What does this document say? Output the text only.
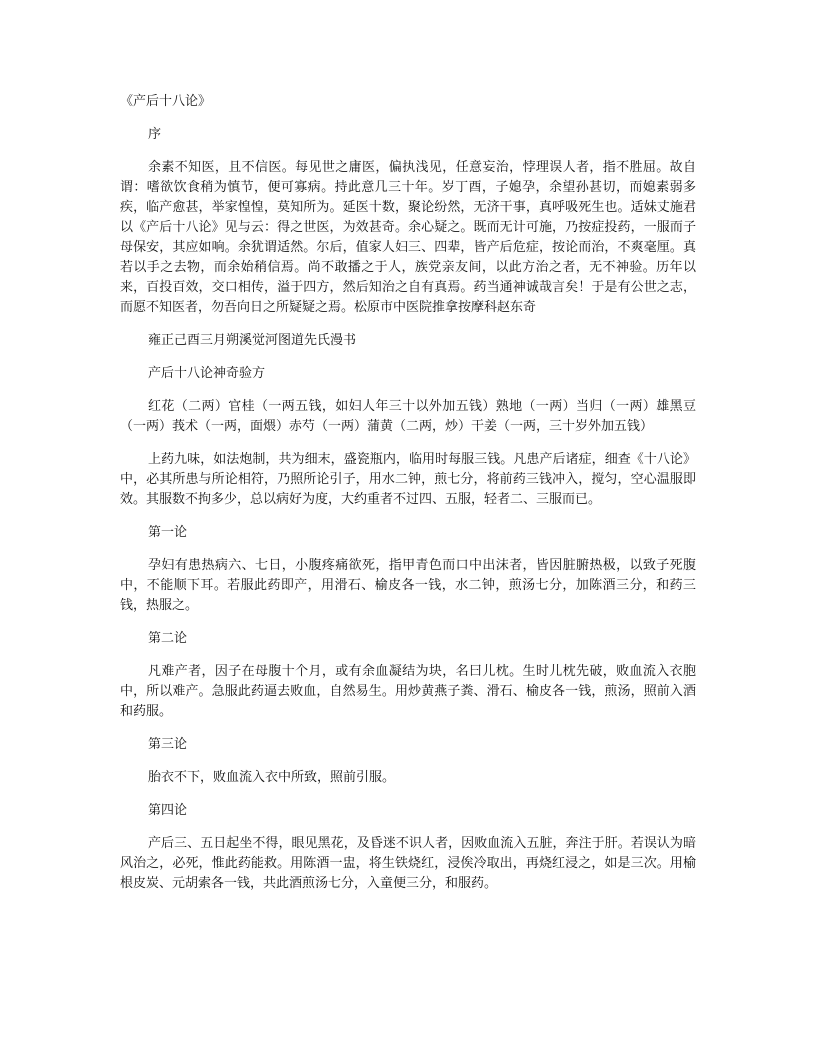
《产后十八论》

序

余素不知医，且不信医。每见世之庸医，偏执浅见，任意妄治，悖理误人者，指不胜屈。故自谓：嗜欲饮食稍为慎节，便可寡病。持此意几三十年。岁丁酉，子媳孕，余望孙甚切，而媳素弱多疾，临产愈甚，举家惶惶，莫知所为。延医十数，聚论纷然，无济干事，真呼吸死生也。适妹丈施君以《产后十八论》见与云：得之世医，为效甚奇。余心疑之。既而无计可施，乃按症投药，一服而子母保安，其应如响。余犹谓适然。尔后，值家人妇三、四辈，皆产后危症，按论而治，不爽毫厘。真若以手之去物，而余始稍信焉。尚不敢播之于人，族党亲友间，以此方治之者，无不神验。历年以来，百投百效，交口相传，溢于四方，然后知治之自有真焉。药当通神诚哉言矣！于是有公世之志，而愿不知医者，勿吾向日之所疑疑之焉。松原市中医院推拿按摩科赵东奇

雍正己酉三月朔溪觉河图道先氏漫书

产后十八论神奇验方

红花（二两）官桂（一两五钱，如妇人年三十以外加五钱）熟地（一两）当归（一两）雄黑豆（一两）莪术（一两，面煨）赤芍（一两）蒲黄（二两，炒）干姜（一两，三十岁外加五钱）

上药九味，如法炮制，共为细末，盛瓷瓶内，临用时每服三钱。凡患产后诸症，细查《十八论》中，必其所患与所论相符，乃照所论引子，用水二钟，煎七分，将前药三钱冲入，搅匀，空心温服即效。其服数不拘多少，总以病好为度，大约重者不过四、五服，轻者二、三服而已。

第一论

孕妇有患热病六、七日，小腹疼痛欲死，指甲青色而口中出沫者，皆因脏腑热极，以致子死腹中，不能顺下耳。若服此药即产，用滑石、榆皮各一钱，水二钟，煎汤七分，加陈酒三分，和药三钱，热服之。

第二论

凡难产者，因子在母腹十个月，或有余血凝结为块，名曰儿枕。生时儿枕先破，败血流入衣胞中，所以难产。急服此药逼去败血，自然易生。用炒黄燕子粪、滑石、榆皮各一钱，煎汤，照前入酒和药服。

第三论

胎衣不下，败血流入衣中所致，照前引服。

第四论

产后三、五日起坐不得，眼见黑花，及昏迷不识人者，因败血流入五脏，奔注于肝。若误认为暗风治之，必死，惟此药能救。用陈酒一盅，将生铁烧红，浸俟冷取出，再烧红浸之，如是三次。用榆根皮炭、元胡索各一钱，共此酒煎汤七分，入童便三分，和服药。
